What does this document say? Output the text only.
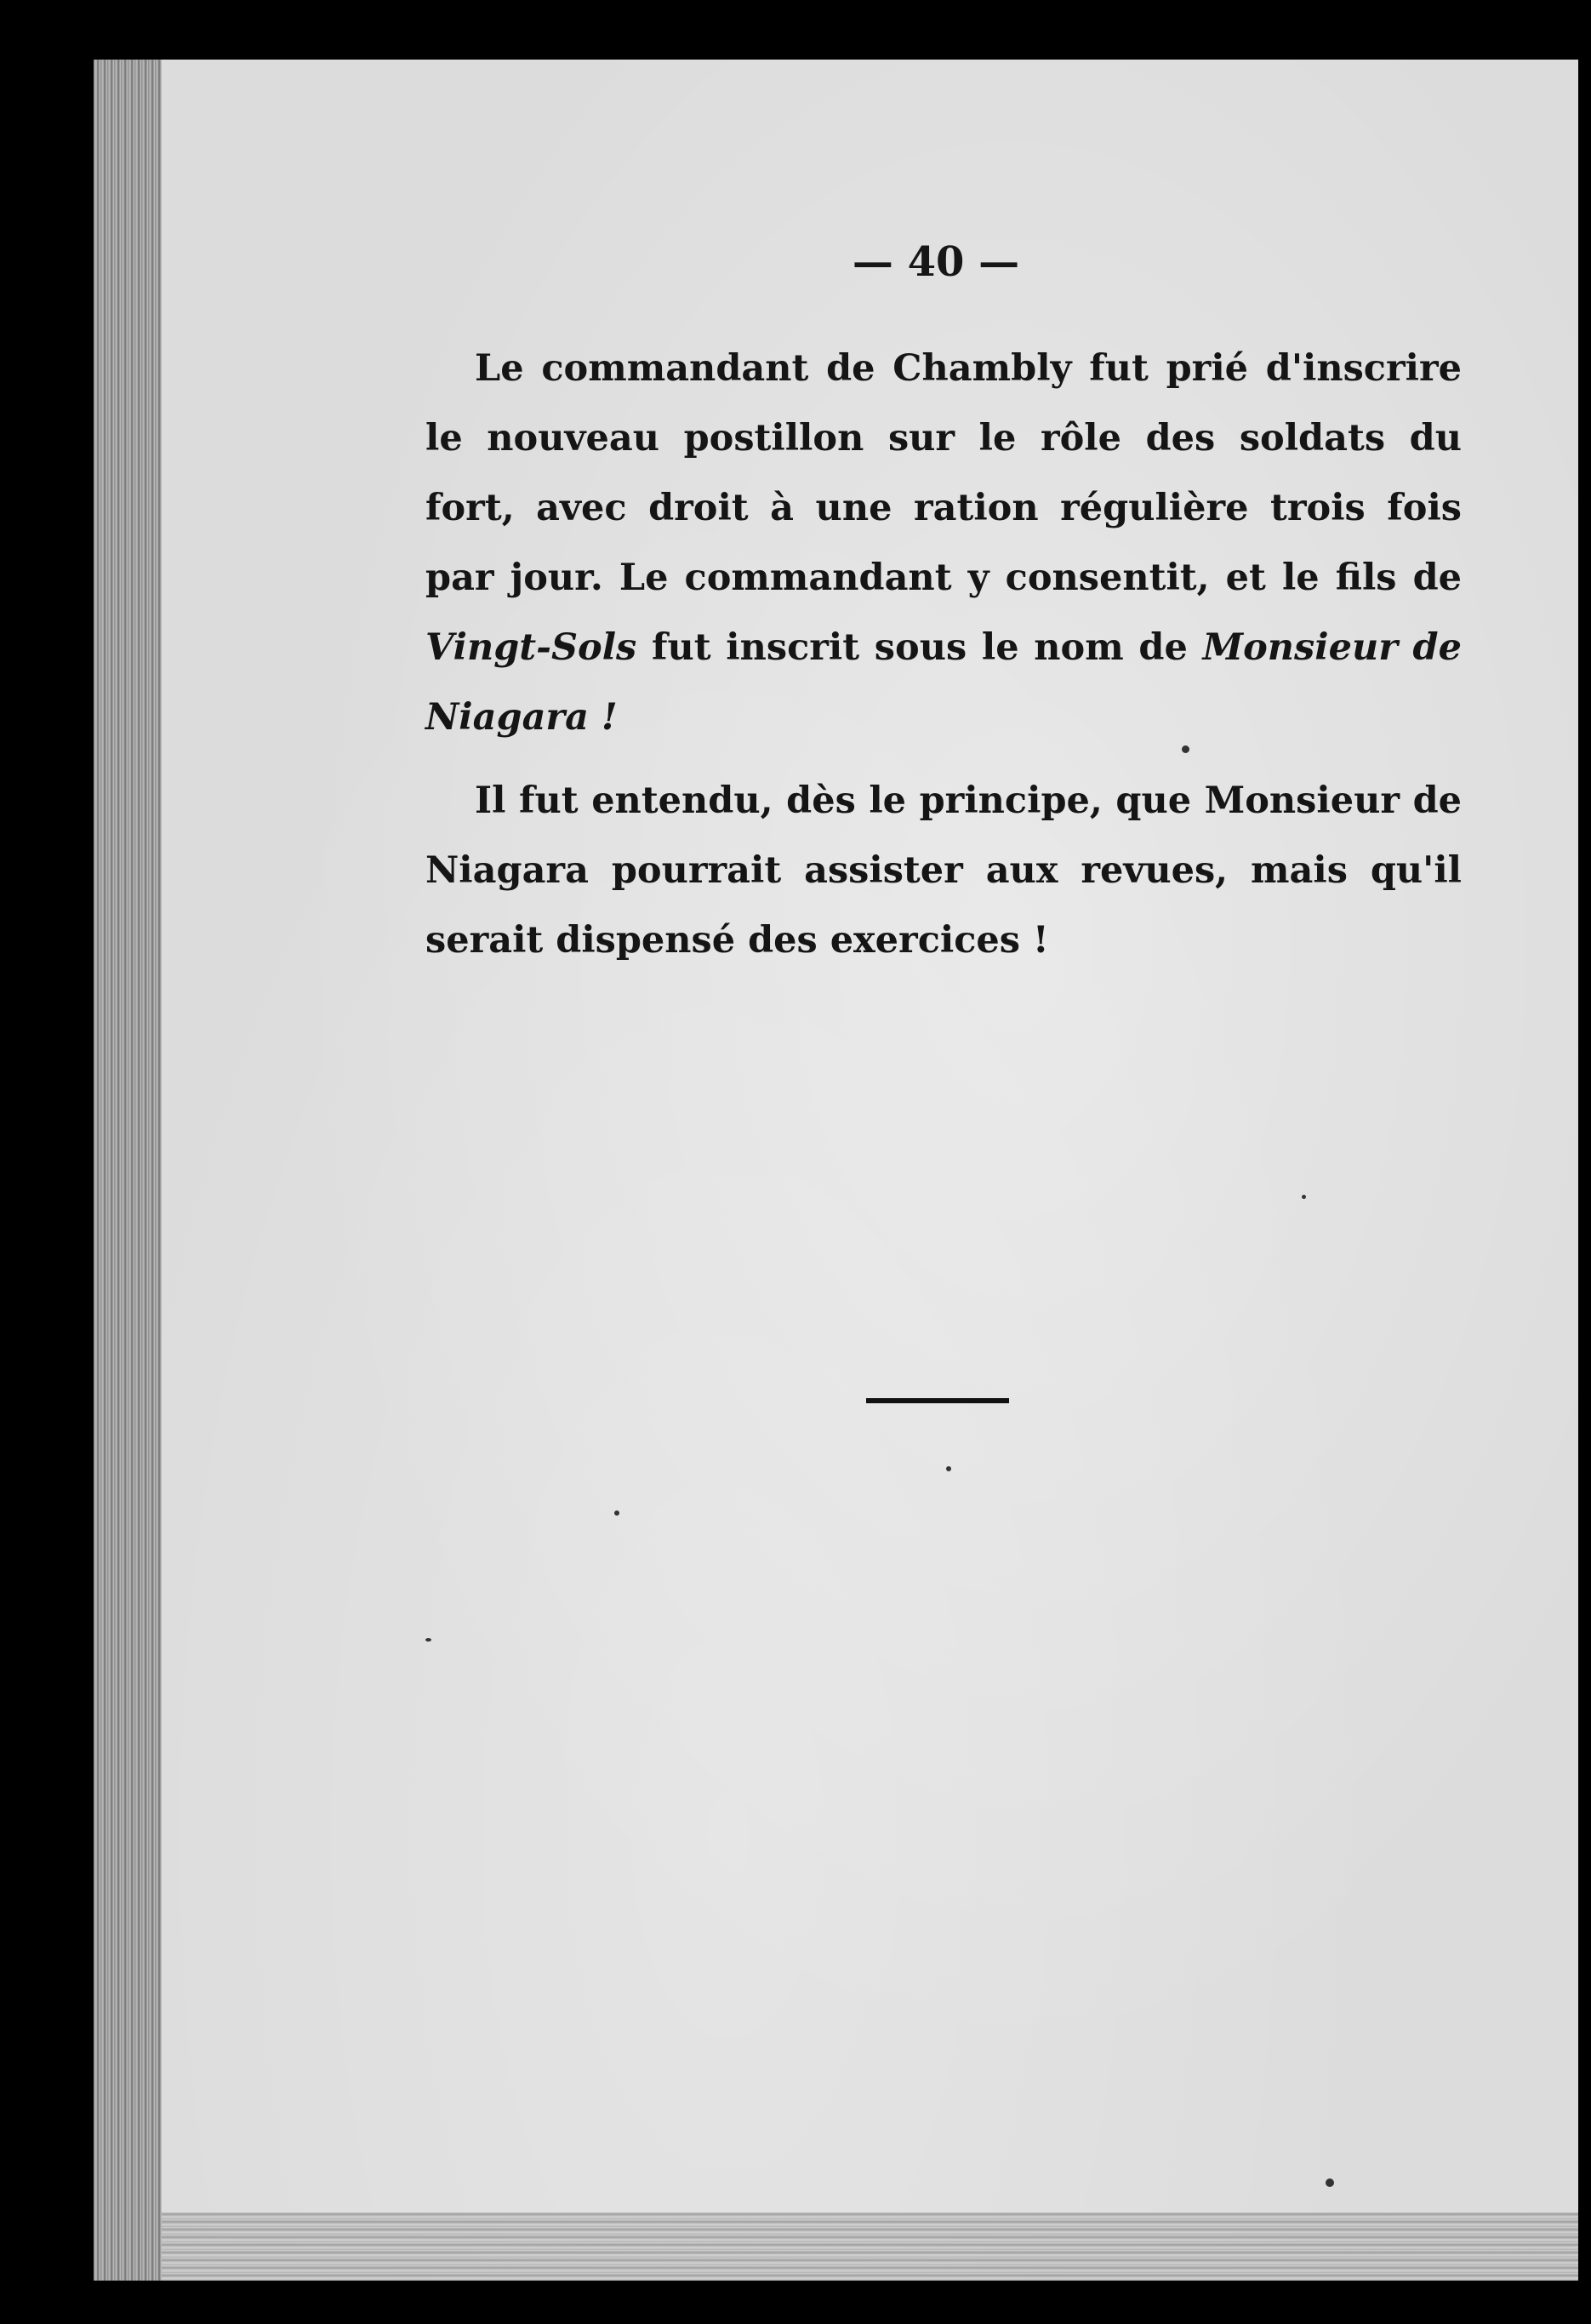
— 40 —

Le commandant de Chambly fut prié d'inscrire le nouveau postillon sur le rôle des soldats du fort, avec droit à une ration régulière trois fois par jour. Le commandant y consentit, et le fils de Vingt-Sols fut inscrit sous le nom de Monsieur de Niagara !

Il fut entendu, dès le principe, que Monsieur de Niagara pourrait assister aux revues, mais qu'il serait dispensé des exercices !
